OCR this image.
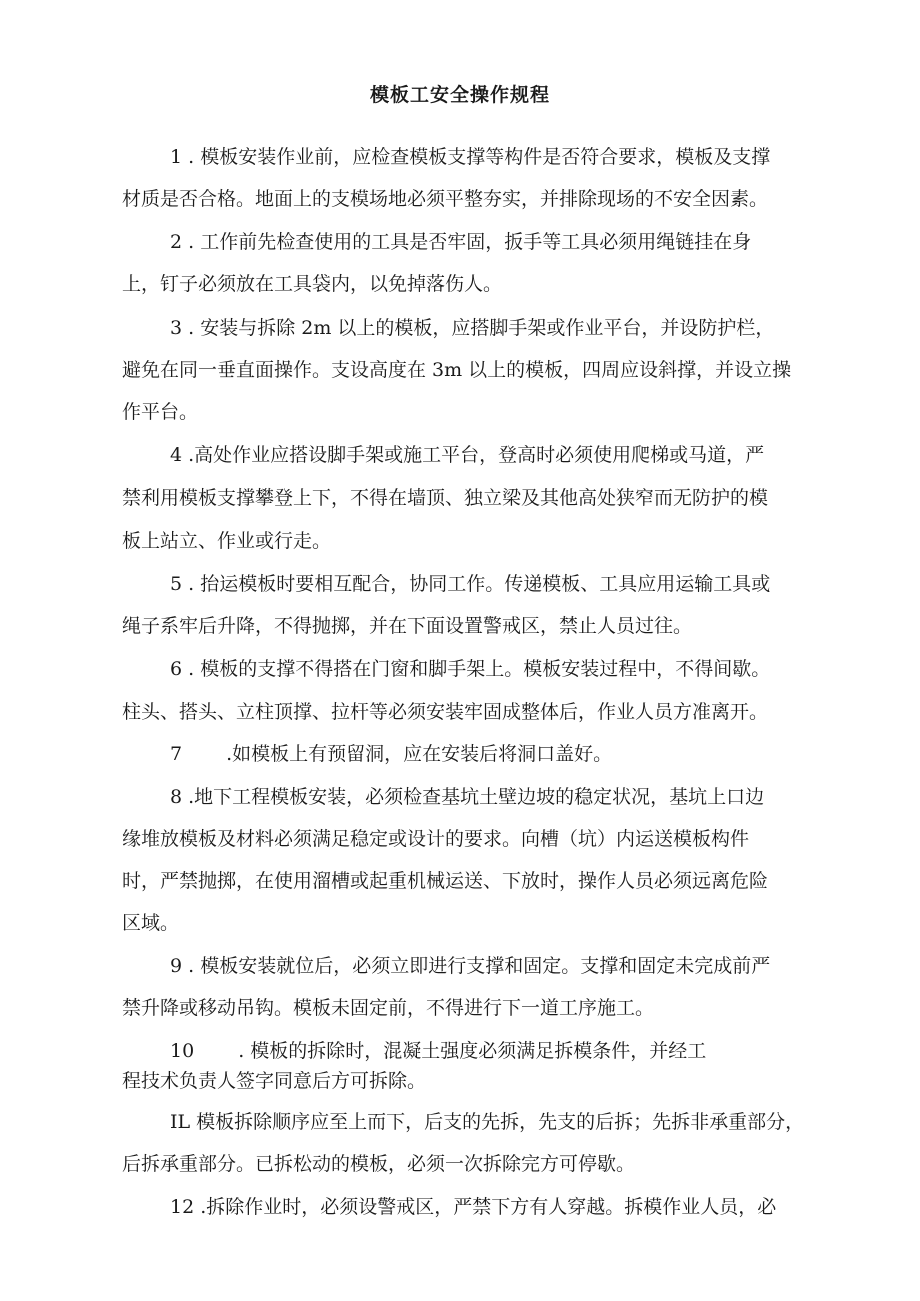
模板工安全操作规程
1 . 模板安装作业前，应检查模板支撑等构件是否符合要求，模板及支撑
材质是否合格。地面上的支模场地必须平整夯实，并排除现场的不安全因素。
2 . 工作前先检查使用的工具是否牢固，扳手等工具必须用绳链挂在身
上，钉子必须放在工具袋内，以免掉落伤人。
3 . 安装与拆除 2m 以上的模板，应搭脚手架或作业平台，并设防护栏，
避免在同一垂直面操作。支设高度在 3m 以上的模板，四周应设斜撑，并设立操
作平台。
4 .高处作业应搭设脚手架或施工平台，登高时必须使用爬梯或马道，严
禁利用模板支撑攀登上下，不得在墙顶、独立梁及其他高处狭窄而无防护的模
板上站立、作业或行走。
5 . 抬运模板时要相互配合，协同工作。传递模板、工具应用运输工具或
绳子系牢后升降，不得抛掷，并在下面设置警戒区，禁止人员过往。
6 . 模板的支撑不得搭在门窗和脚手架上。模板安装过程中，不得间歇。
柱头、搭头、立柱顶撑、拉杆等必须安装牢固成整体后，作业人员方准离开。
7 　　.如模板上有预留洞，应在安装后将洞口盖好。
8 .地下工程模板安装，必须检查基坑土壁边坡的稳定状况，基坑上口边
缘堆放模板及材料必须满足稳定或设计的要求。向槽（坑）内运送模板构件
时，严禁抛掷，在使用溜槽或起重机械运送、下放时，操作人员必须远离危险
区域。
9 . 模板安装就位后，必须立即进行支撑和固定。支撑和固定未完成前严
禁升降或移动吊钩。模板未固定前，不得进行下一道工序施工。
10 　　. 模板的拆除时，混凝土强度必须满足拆模条件，并经工
程技术负责人签字同意后方可拆除。
IL 模板拆除顺序应至上而下，后支的先拆，先支的后拆；先拆非承重部分，
后拆承重部分。已拆松动的模板，必须一次拆除完方可停歇。
12 .拆除作业时，必须设警戒区，严禁下方有人穿越。拆模作业人员，必
